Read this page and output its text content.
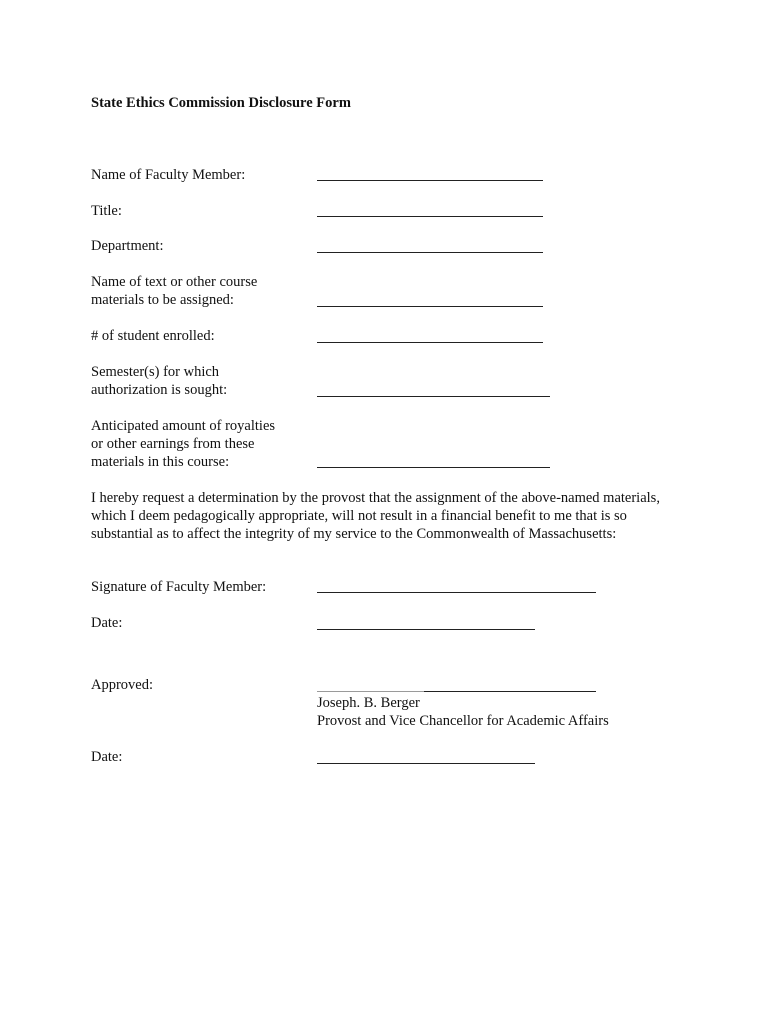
State Ethics Commission Disclosure Form
Name of Faculty Member:
Title:
Department:
Name of text or other course
materials to be assigned:
# of student enrolled:
Semester(s) for which
authorization is sought:
Anticipated amount of royalties
or other earnings from these
materials in this course:
I hereby request a determination by the provost that the assignment of the above-named materials, which I deem pedagogically appropriate, will not result in a financial benefit to me that is so substantial as to affect the integrity of my service to the Commonwealth of Massachusetts:
Signature of Faculty Member:
Date:
Approved:
Joseph. B. Berger
Provost and Vice Chancellor for Academic Affairs
Date:
